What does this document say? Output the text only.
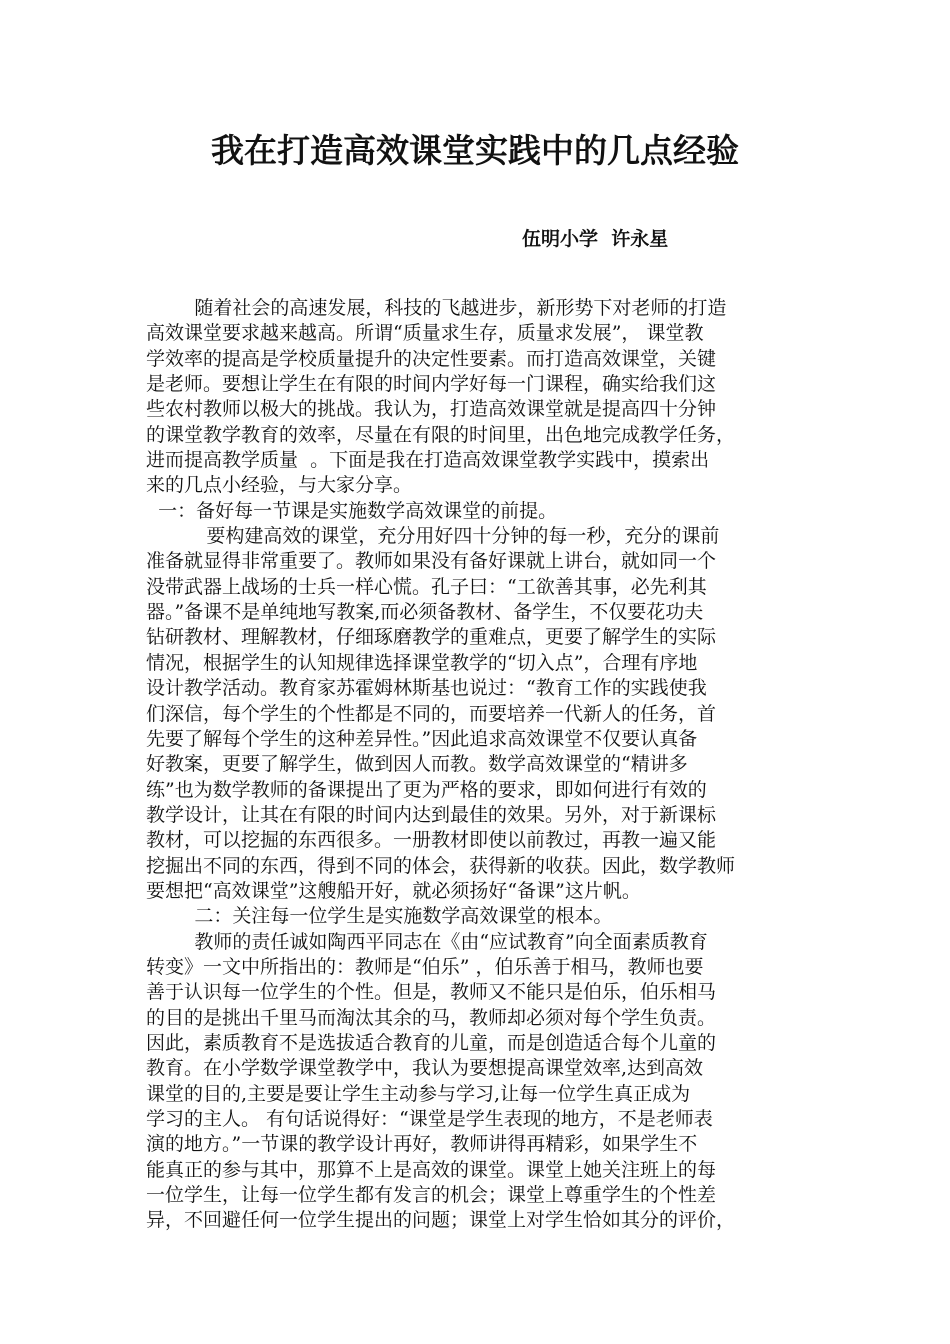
我在打造高效课堂实践中的几点经验
伍明小学  许永星
随着社会的高速发展，科技的飞越进步，新形势下对老师的打造
高效课堂要求越来越高。所谓“质量求生存，质量求发展”， 课堂教
学效率的提高是学校质量提升的决定性要素。而打造高效课堂，关键
是老师。要想让学生在有限的时间内学好每一门课程，确实给我们这
些农村教师以极大的挑战。我认为，打造高效课堂就是提高四十分钟
的课堂教学教育的效率，尽量在有限的时间里，出色地完成教学任务，
进而提高教学质量  。下面是我在打造高效课堂教学实践中，摸索出
来的几点小经验，与大家分享。
一：备好每一节课是实施数学高效课堂的前提。
要构建高效的课堂，充分用好四十分钟的每一秒，充分的课前
准备就显得非常重要了。教师如果没有备好课就上讲台，就如同一个
没带武器上战场的士兵一样心慌。孔子曰：“工欲善其事，必先利其
器。”备课不是单纯地写教案,而必须备教材、备学生，不仅要花功夫
钻研教材、理解教材，仔细琢磨教学的重难点，更要了解学生的实际
情况，根据学生的认知规律选择课堂教学的“切入点”，合理有序地
设计教学活动。教育家苏霍姆林斯基也说过：“教育工作的实践使我
们深信，每个学生的个性都是不同的，而要培养一代新人的任务，首
先要了解每个学生的这种差异性。”因此追求高效课堂不仅要认真备
好教案，更要了解学生，做到因人而教。数学高效课堂的“精讲多
练”也为数学教师的备课提出了更为严格的要求，即如何进行有效的
教学设计，让其在有限的时间内达到最佳的效果。另外，对于新课标
教材，可以挖掘的东西很多。一册教材即使以前教过，再教一遍又能
挖掘出不同的东西，得到不同的体会，获得新的收获。因此，数学教师
要想把“高效课堂”这艘船开好，就必须扬好“备课”这片帆。
二：关注每一位学生是实施数学高效课堂的根本。
教师的责任诚如陶西平同志在《由“应试教育”向全面素质教育
转变》一文中所指出的：教师是“伯乐” ，伯乐善于相马，教师也要
善于认识每一位学生的个性。但是，教师又不能只是伯乐，伯乐相马
的目的是挑出千里马而淘汰其余的马，教师却必须对每个学生负责。
因此，素质教育不是选拔适合教育的儿童，而是创造适合每个儿童的
教育。在小学数学课堂教学中，我认为要想提高课堂效率,达到高效
课堂的目的,主要是要让学生主动参与学习,让每一位学生真正成为
学习的主人。 有句话说得好：“课堂是学生表现的地方，不是老师表
演的地方。”一节课的教学设计再好，教师讲得再精彩，如果学生不
能真正的参与其中，那算不上是高效的课堂。课堂上她关注班上的每
一位学生，让每一位学生都有发言的机会；课堂上尊重学生的个性差
异，不回避任何一位学生提出的问题；课堂上对学生恰如其分的评价，
